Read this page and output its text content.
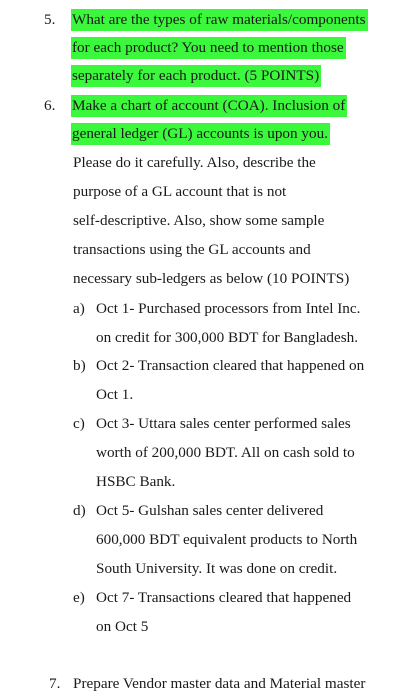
5. What are the types of raw materials/components
for each product? You need to mention those
separately for each product. (5 POINTS)
6. Make a chart of account (COA). Inclusion of
general ledger (GL) accounts is upon you.
Please do it carefully. Also, describe the
purpose of a GL account that is not
self-descriptive. Also, show some sample
transactions using the GL accounts and
necessary sub-ledgers as below (10 POINTS)
a) Oct 1- Purchased processors from Intel Inc.
on credit for 300,000 BDT for Bangladesh.
b) Oct 2- Transaction cleared that happened on
Oct 1.
c) Oct 3- Uttara sales center performed sales
worth of 200,000 BDT. All on cash sold to
HSBC Bank.
d) Oct 5- Gulshan sales center delivered
600,000 BDT equivalent products to North
South University. It was done on credit.
e) Oct 7- Transactions cleared that happened
on Oct 5
7. Prepare Vendor master data and Material master
